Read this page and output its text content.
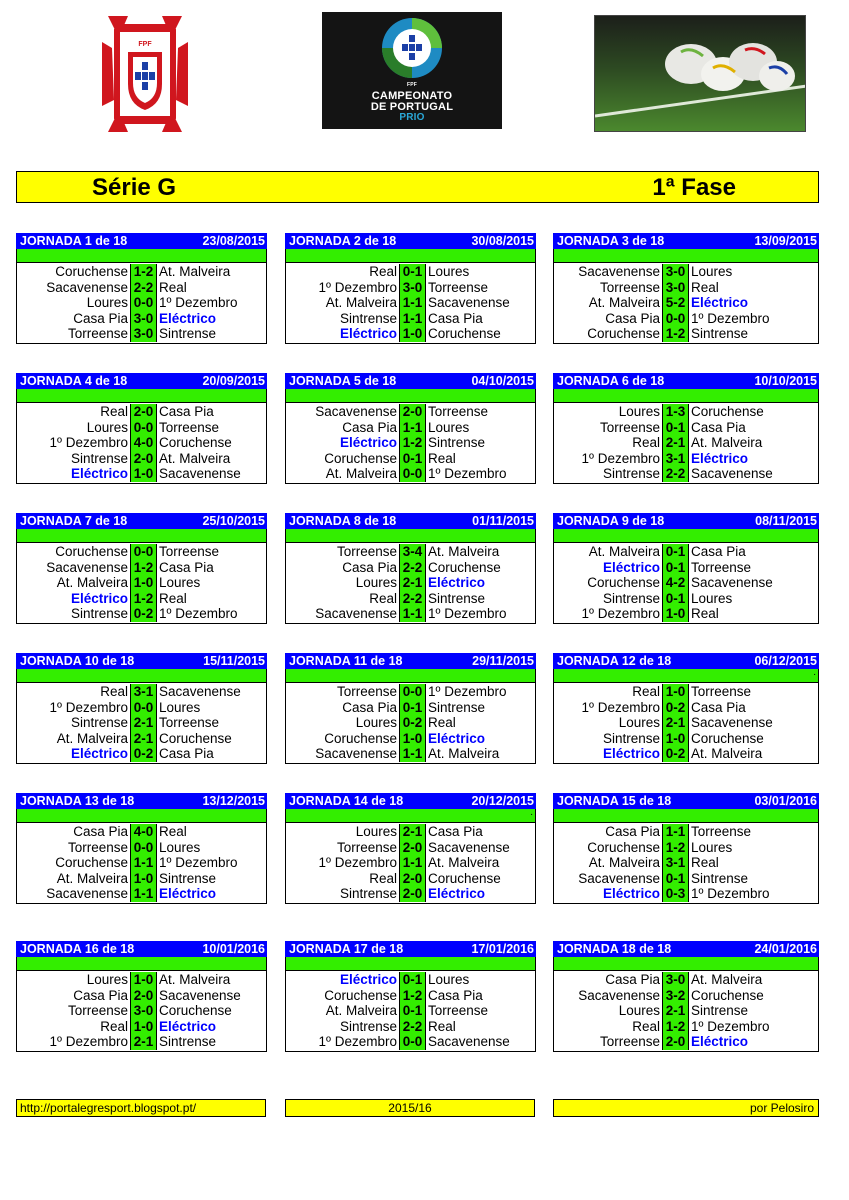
FPF
FPF
CAMPEONATO
DE PORTUGAL
PRIO
Série G	1ª Fase
JORNADA 1 de 18	23/08/2015
Coruchense 1-2 At. Malveira
Sacavenense 2-2 Real
Loures 0-0 1º Dezembro
Casa Pia 3-0 Eléctrico
Torreense 3-0 Sintrense
JORNADA 2 de 18	30/08/2015
Real 0-1 Loures
1º Dezembro 3-0 Torreense
At. Malveira 1-1 Sacavenense
Sintrense 1-1 Casa Pia
Eléctrico 1-0 Coruchense
JORNADA 3 de 18	13/09/2015
Sacavenense 3-0 Loures
Torreense 3-0 Real
At. Malveira 5-2 Eléctrico
Casa Pia 0-0 1º Dezembro
Coruchense 1-2 Sintrense
JORNADA 4 de 18	20/09/2015
Real 2-0 Casa Pia
Loures 0-0 Torreense
1º Dezembro 4-0 Coruchense
Sintrense 2-0 At. Malveira
Eléctrico 1-0 Sacavenense
JORNADA 5 de 18	04/10/2015
Sacavenense 2-0 Torreense
Casa Pia 1-1 Loures
Eléctrico 1-2 Sintrense
Coruchense 0-1 Real
At. Malveira 0-0 1º Dezembro
JORNADA 6 de 18	10/10/2015
Loures 1-3 Coruchense
Torreense 0-1 Casa Pia
Real 2-1 At. Malveira
1º Dezembro 3-1 Eléctrico
Sintrense 2-2 Sacavenense
JORNADA 7 de 18	25/10/2015
Coruchense 0-0 Torreense
Sacavenense 1-2 Casa Pia
At. Malveira 1-0 Loures
Eléctrico 1-2 Real
Sintrense 0-2 1º Dezembro
JORNADA 8 de 18	01/11/2015
Torreense 3-4 At. Malveira
Casa Pia 2-2 Coruchense
Loures 2-1 Eléctrico
Real 2-2 Sintrense
Sacavenense 1-1 1º Dezembro
JORNADA 9 de 18	08/11/2015
At. Malveira 0-1 Casa Pia
Eléctrico 0-1 Torreense
Coruchense 4-2 Sacavenense
Sintrense 0-1 Loures
1º Dezembro 1-0 Real
JORNADA 10 de 18	15/11/2015
Real 3-1 Sacavenense
1º Dezembro 0-0 Loures
Sintrense 2-1 Torreense
At. Malveira 2-1 Coruchense
Eléctrico 0-2 Casa Pia
JORNADA 11 de 18	29/11/2015
Torreense 0-0 1º Dezembro
Casa Pia 0-1 Sintrense
Loures 0-2 Real
Coruchense 1-0 Eléctrico
Sacavenense 1-1 At. Malveira
JORNADA 12 de 18	06/12/2015
.
Real 1-0 Torreense
1º Dezembro 0-2 Casa Pia
Loures 2-1 Sacavenense
Sintrense 1-0 Coruchense
Eléctrico 0-2 At. Malveira
JORNADA 13 de 18	13/12/2015
Casa Pia 4-0 Real
Torreense 0-0 Loures
Coruchense 1-1 1º Dezembro
At. Malveira 1-0 Sintrense
Sacavenense 1-1 Eléctrico
JORNADA 14 de 18	20/12/2015
.
Loures 2-1 Casa Pia
Torreense 2-0 Sacavenense
1º Dezembro 1-1 At. Malveira
Real 2-0 Coruchense
Sintrense 2-0 Eléctrico
JORNADA 15 de 18	03/01/2016
Casa Pia 1-1 Torreense
Coruchense 1-2 Loures
At. Malveira 3-1 Real
Sacavenense 0-1 Sintrense
Eléctrico 0-3 1º Dezembro
JORNADA 16 de 18	10/01/2016
Loures 1-0 At. Malveira
Casa Pia 2-0 Sacavenense
Torreense 3-0 Coruchense
Real 1-0 Eléctrico
1º Dezembro 2-1 Sintrense
JORNADA 17 de 18	17/01/2016
Eléctrico 0-1 Loures
Coruchense 1-2 Casa Pia
At. Malveira 0-1 Torreense
Sintrense 2-2 Real
1º Dezembro 0-0 Sacavenense
JORNADA 18 de 18	24/01/2016
Casa Pia 3-0 At. Malveira
Sacavenense 3-2 Coruchense
Loures 2-1 Sintrense
Real 1-2 1º Dezembro
Torreense 2-0 Eléctrico
http://portalegresport.blogspot.pt/	2015/16	por Pelosiro
